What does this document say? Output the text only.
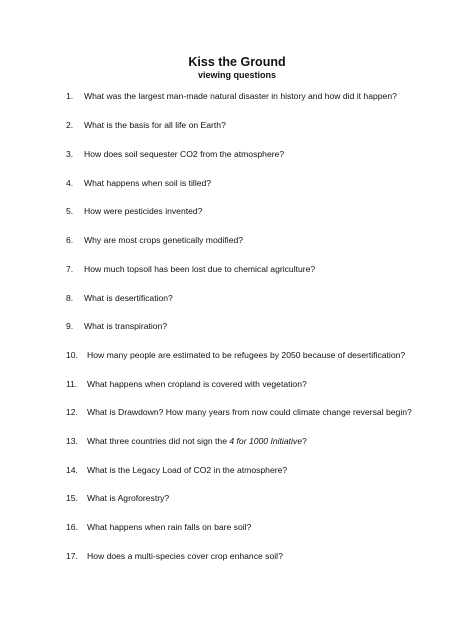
Kiss the Ground
viewing questions
1. What was the largest man-made natural disaster in history and how did it happen?
2. What is the basis for all life on Earth?
3. How does soil sequester CO2 from the atmosphere?
4. What happens when soil is tilled?
5. How were pesticides invented?
6. Why are most crops genetically modified?
7. How much topsoil has been lost due to chemical agriculture?
8. What is desertification?
9. What is transpiration?
10. How many people are estimated to be refugees by 2050 because of desertification?
11. What happens when cropland is covered with vegetation?
12. What is Drawdown? How many years from now could climate change reversal begin?
13. What three countries did not sign the 4 for 1000 Initiative?
14. What is the Legacy Load of CO2 in the atmosphere?
15. What is Agroforestry?
16. What happens when rain falls on bare soil?
17. How does a multi-species cover crop enhance soil?
